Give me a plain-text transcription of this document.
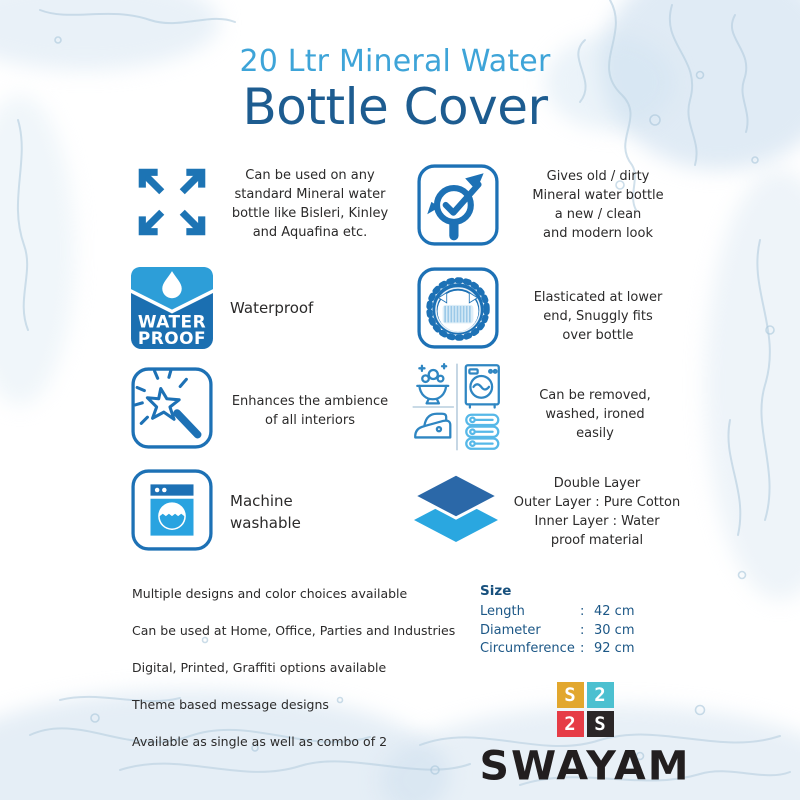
20 Ltr Mineral Water
Bottle Cover
Can be used on any
standard Mineral water
bottle like Bisleri, Kinley
and Aquafina etc.
WATER
PROOF
Waterproof
Enhances the ambience
of all interiors
Machine
washable
Gives old / dirty
Mineral water bottle
a new / clean
and modern look
Elasticated at lower
end, Snuggly fits
over bottle
Can be removed,
washed, ironed
easily
Double Layer
Outer Layer : Pure Cotton
Inner Layer : Water
proof material
Multiple designs and color choices available
Can be used at Home, Office, Parties and Industries
Digital, Printed, Graffiti options available
Theme based message designs
Available as single as well as combo of 2
Size
Length	: 42 cm
Diameter	: 30 cm
Circumference : 92 cm
S 2
2 S
SWAYAM
